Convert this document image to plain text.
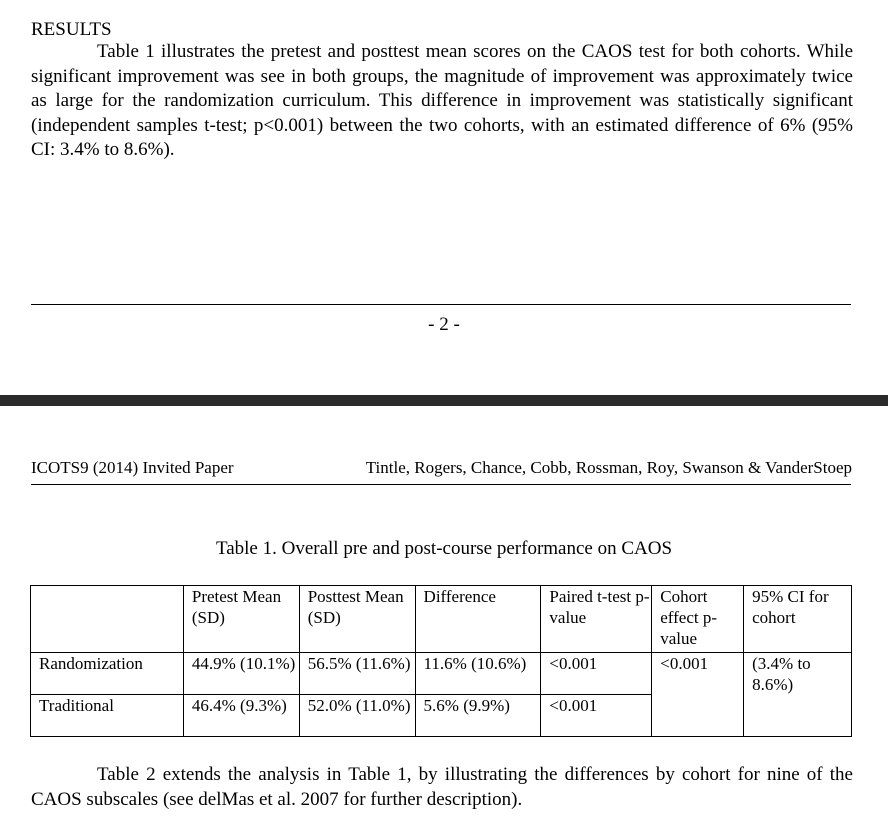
RESULTS

Table 1 illustrates the pretest and posttest mean scores on the CAOS test for both cohorts. While significant improvement was see in both groups, the magnitude of improvement was approximately twice as large for the randomization curriculum. This difference in improvement was statistically significant (independent samples t-test; p<0.001) between the two cohorts, with an estimated difference of 6% (95% CI: 3.4% to 8.6%).

- 2 -
ICOTS9 (2014) Invited Paper	Tintle, Rogers, Chance, Cobb, Rossman, Roy, Swanson & VanderStoep
Table 1. Overall pre and post-course performance on CAOS
	Pretest Mean (SD)	Posttest Mean (SD)	Difference	Paired t-test p-value	Cohort effect p-value	95% CI for cohort
Randomization	44.9% (10.1%)	56.5% (11.6%)	11.6% (10.6%)	<0.001	<0.001	(3.4% to 8.6%)
Traditional	46.4% (9.3%)	52.0% (11.0%)	5.6% (9.9%)	<0.001		

Table 2 extends the analysis in Table 1, by illustrating the differences by cohort for nine of the CAOS subscales (see delMas et al. 2007 for further description).
